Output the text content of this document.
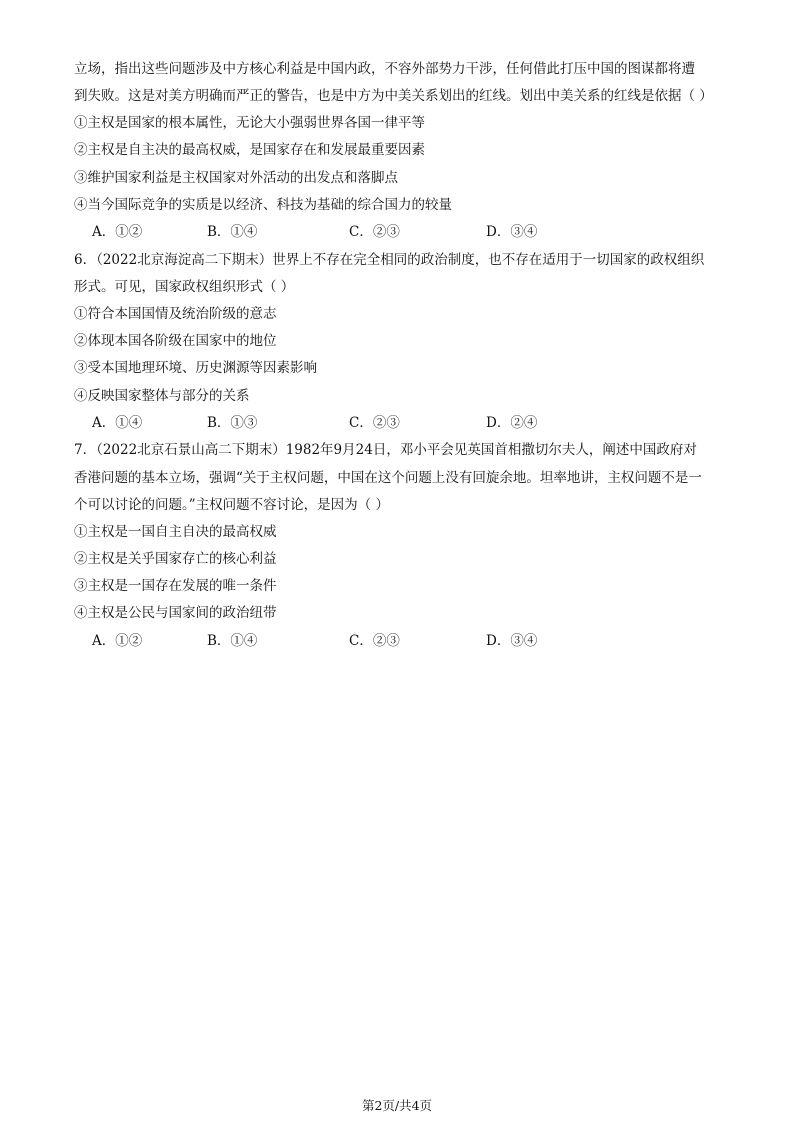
立场，指出这些问题涉及中方核心利益是中国内政，不容外部势力干涉，任何借此打压中国的图谋都将遭
到失败。这是对美方明确而严正的警告，也是中方为中美关系划出的红线。划出中美关系的红线是依据（ ）
①主权是国家的根本属性，无论大小强弱世界各国一律平等
②主权是自主决的最高权威，是国家存在和发展最重要因素
③维护国家利益是主权国家对外活动的出发点和落脚点
④当今国际竞争的实质是以经济、科技为基础的综合国力的较量
A．①②	B．①④	C．②③	D．③④
6．（2022北京海淀高二下期末）世界上不存在完全相同的政治制度，也不存在适用于一切国家的政权组织
形式。可见，国家政权组织形式（ ）
①符合本国国情及统治阶级的意志
②体现本国各阶级在国家中的地位
③受本国地理环境、历史渊源等因素影响
④反映国家整体与部分的关系
A．①④	B．①③	C．②③	D．②④
7．（2022北京石景山高二下期末）1982年9月24日，邓小平会见英国首相撒切尔夫人，阐述中国政府对
香港问题的基本立场，强调“关于主权问题，中国在这个问题上没有回旋余地。坦率地讲，主权问题不是一
个可以讨论的问题。”主权问题不容讨论，是因为（ ）
①主权是一国自主自决的最高权威
②主权是关乎国家存亡的核心利益
③主权是一国存在发展的唯一条件
④主权是公民与国家间的政治纽带
A．①②	B．①④	C．②③	D．③④
第2页/共4页
